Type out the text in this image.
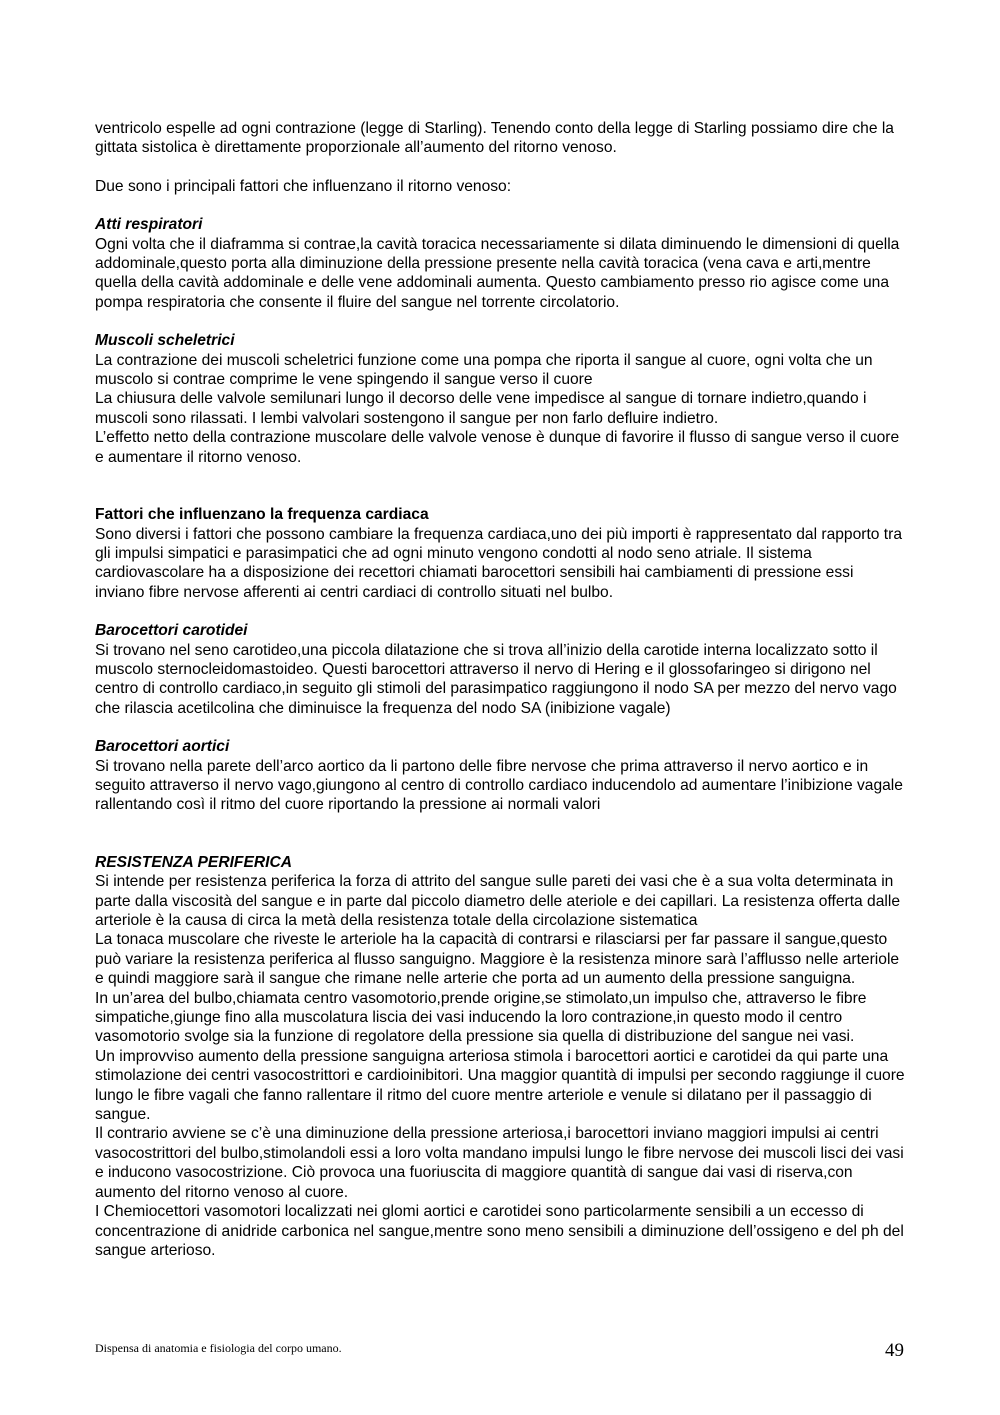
ventricolo espelle ad ogni contrazione (legge di Starling). Tenendo conto della legge di Starling possiamo dire che la gittata sistolica è direttamente proporzionale all’aumento del ritorno venoso.

Due sono i principali fattori che influenzano il ritorno venoso:

Atti respiratori

Ogni volta che il diaframma si contrae,la cavità toracica necessariamente si dilata diminuendo le dimensioni di quella addominale,questo porta alla diminuzione della pressione presente nella cavità toracica (vena cava e arti,mentre quella della cavità addominale e delle vene addominali aumenta. Questo cambiamento presso rio agisce come una pompa respiratoria che consente il fluire del sangue nel torrente circolatorio.

Muscoli scheletrici

La contrazione dei muscoli scheletrici funzione come una pompa che riporta il sangue al cuore, ogni volta che un muscolo si contrae comprime le vene spingendo il sangue verso il cuore

La chiusura delle valvole semilunari lungo il decorso delle vene impedisce al sangue di tornare indietro,quando i muscoli sono rilassati. I lembi valvolari sostengono il sangue per non farlo defluire indietro.

L’effetto netto della contrazione muscolare delle valvole venose è dunque di favorire il flusso di sangue verso il cuore e aumentare il ritorno venoso.

Fattori che influenzano la frequenza cardiaca

Sono diversi i fattori che possono cambiare la frequenza cardiaca,uno dei più importi è rappresentato dal rapporto tra gli impulsi simpatici e parasimpatici che ad ogni minuto vengono condotti al nodo seno atriale. Il sistema cardiovascolare ha a disposizione dei recettori chiamati barocettori sensibili hai cambiamenti di pressione essi inviano fibre nervose afferenti ai centri cardiaci di controllo situati nel bulbo.

Barocettori carotidei

Si trovano nel seno carotideo,una piccola dilatazione che si trova all’inizio della carotide interna localizzato sotto il muscolo sternocleidomastoideo. Questi barocettori attraverso il nervo di Hering e il glossofaringeo si dirigono nel centro di controllo cardiaco,in seguito gli stimoli del parasimpatico raggiungono il nodo SA per mezzo del nervo vago che rilascia acetilcolina che diminuisce la frequenza del nodo SA (inibizione vagale)

Barocettori aortici

Si trovano nella parete dell’arco aortico da li partono delle fibre nervose che prima attraverso il nervo aortico e in seguito attraverso il nervo vago,giungono al centro di controllo cardiaco inducendolo ad aumentare l’inibizione vagale rallentando così il ritmo del cuore riportando la pressione ai normali valori

RESISTENZA PERIFERICA

Si intende per resistenza periferica la forza di attrito del sangue sulle pareti dei vasi che è a sua volta determinata in parte dalla viscosità del sangue e in parte dal piccolo diametro delle ateriole e dei capillari. La resistenza offerta dalle arteriole è la causa di circa la metà della resistenza totale della circolazione sistematica

La tonaca muscolare che riveste le arteriole ha la capacità di contrarsi e rilasciarsi per far passare il sangue,questo può variare la resistenza periferica al flusso sanguigno. Maggiore è la resistenza minore sarà l’afflusso nelle arteriole e quindi maggiore sarà il sangue che rimane nelle arterie che porta ad un aumento della pressione sanguigna.

In un’area del bulbo,chiamata centro vasomotorio,prende origine,se stimolato,un impulso che, attraverso le fibre simpatiche,giunge fino alla muscolatura liscia dei vasi inducendo la loro contrazione,in questo modo il centro vasomotorio svolge sia la funzione di regolatore della pressione sia quella di distribuzione del sangue nei vasi.

Un improvviso aumento della pressione sanguigna arteriosa stimola i barocettori aortici e carotidei da qui parte una stimolazione dei centri vasocostrittori e cardioinibitori. Una maggior quantità di impulsi per secondo raggiunge il cuore lungo le fibre vagali che fanno rallentare il ritmo del cuore mentre arteriole e venule si dilatano per il passaggio di sangue.

Il contrario avviene se c’è una diminuzione della pressione arteriosa,i barocettori inviano maggiori impulsi ai centri vasocostrittori del bulbo,stimolandoli essi a loro volta mandano impulsi lungo le fibre nervose dei muscoli lisci dei vasi e inducono vasocostrizione. Ciò provoca una fuoriuscita di maggiore quantità di sangue dai vasi di riserva,con aumento del ritorno venoso al cuore.

I Chemiocettori vasomotori localizzati nei glomi aortici e carotidei sono particolarmente sensibili a un eccesso di concentrazione di anidride carbonica nel sangue,mentre sono meno sensibili a diminuzione dell’ossigeno e del ph del sangue arterioso.

Dispensa di anatomia e fisiologia del corpo umano.	49
